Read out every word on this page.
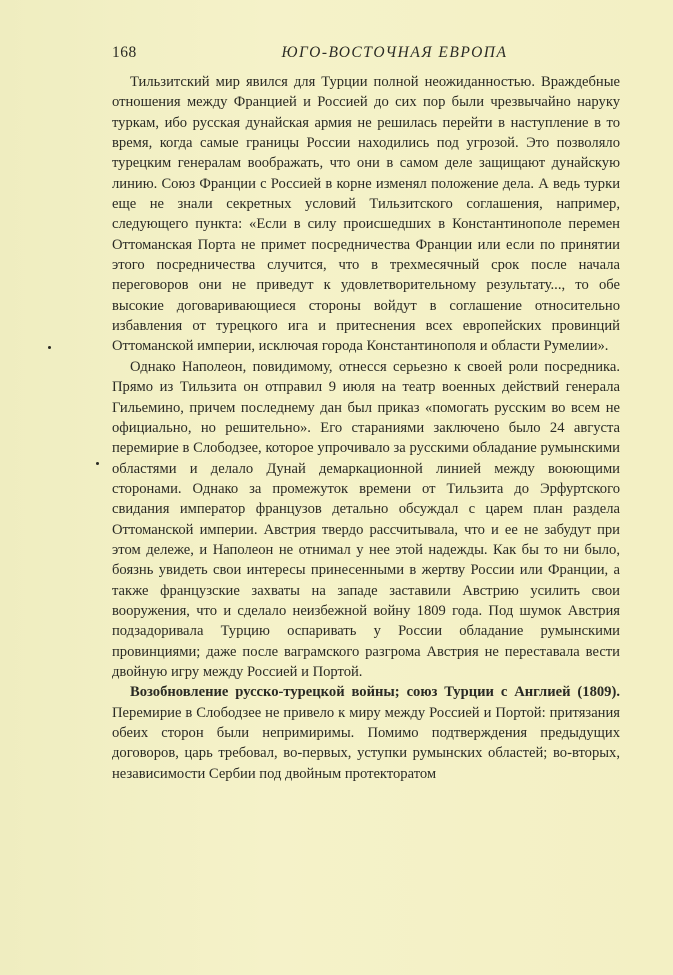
168	ЮГО-ВОСТОЧНАЯ ЕВРОПА

Тильзитский мир явился для Турции полной неожиданностью. Враждебные отношения между Францией и Россией до сих пор были чрезвычайно наруку туркам, ибо русская дунайская армия не решилась перейти в наступление в то время, когда самые границы России находились под угрозой. Это позволяло турецким генералам воображать, что они в самом деле защищают дунайскую линию. Союз Франции с Россией в корне изменял положение дела. А ведь турки еще не знали секретных условий Тильзитского соглашения, например, следующего пункта: «Если в силу происшедших в Константинополе перемен Оттоманская Порта не примет посредничества Франции или если по принятии этого посредничества случится, что в трехмесячный срок после начала переговоров они не приведут к удовлетворительному результату..., то обе высокие договаривающиеся стороны войдут в соглашение относительно избавления от турецкого ига и притеснения всех европейских провинций Оттоманской империи, исключая города Константинополя и области Румелии».

Однако Наполеон, повидимому, отнесся серьезно к своей роли посредника. Прямо из Тильзита он отправил 9 июля на театр военных действий генерала Гильемино, причем последнему дан был приказ «помогать русским во всем не официально, но решительно». Его стараниями заключено было 24 августа перемирие в Слободзее, которое упрочивало за русскими обладание румынскими областями и делало Дунай демаркационной линией между воюющими сторонами. Однако за промежуток времени от Тильзита до Эрфуртского свидания император французов детально обсуждал с царем план раздела Оттоманской империи. Австрия твердо рассчитывала, что и ее не забудут при этом дележе, и Наполеон не отнимал у нее этой надежды. Как бы то ни было, боязнь увидеть свои интересы принесенными в жертву России или Франции, а также французские захваты на западе заставили Австрию усилить свои вооружения, что и сделало неизбежной войну 1809 года. Под шумок Австрия подзадоривала Турцию оспаривать у России обладание румынскими провинциями; даже после ваграмского разгрома Австрия не переставала вести двойную игру между Россией и Портой.

Возобновление русско-турецкой войны; союз Турции с Англией (1809). Перемирие в Слободзее не привело к миру между Россией и Портой: притязания обеих сторон были непримиримы. Помимо подтверждения предыдущих договоров, царь требовал, во-первых, уступки румынских областей; во-вторых, независимости Сербии под двойным протекторатом
